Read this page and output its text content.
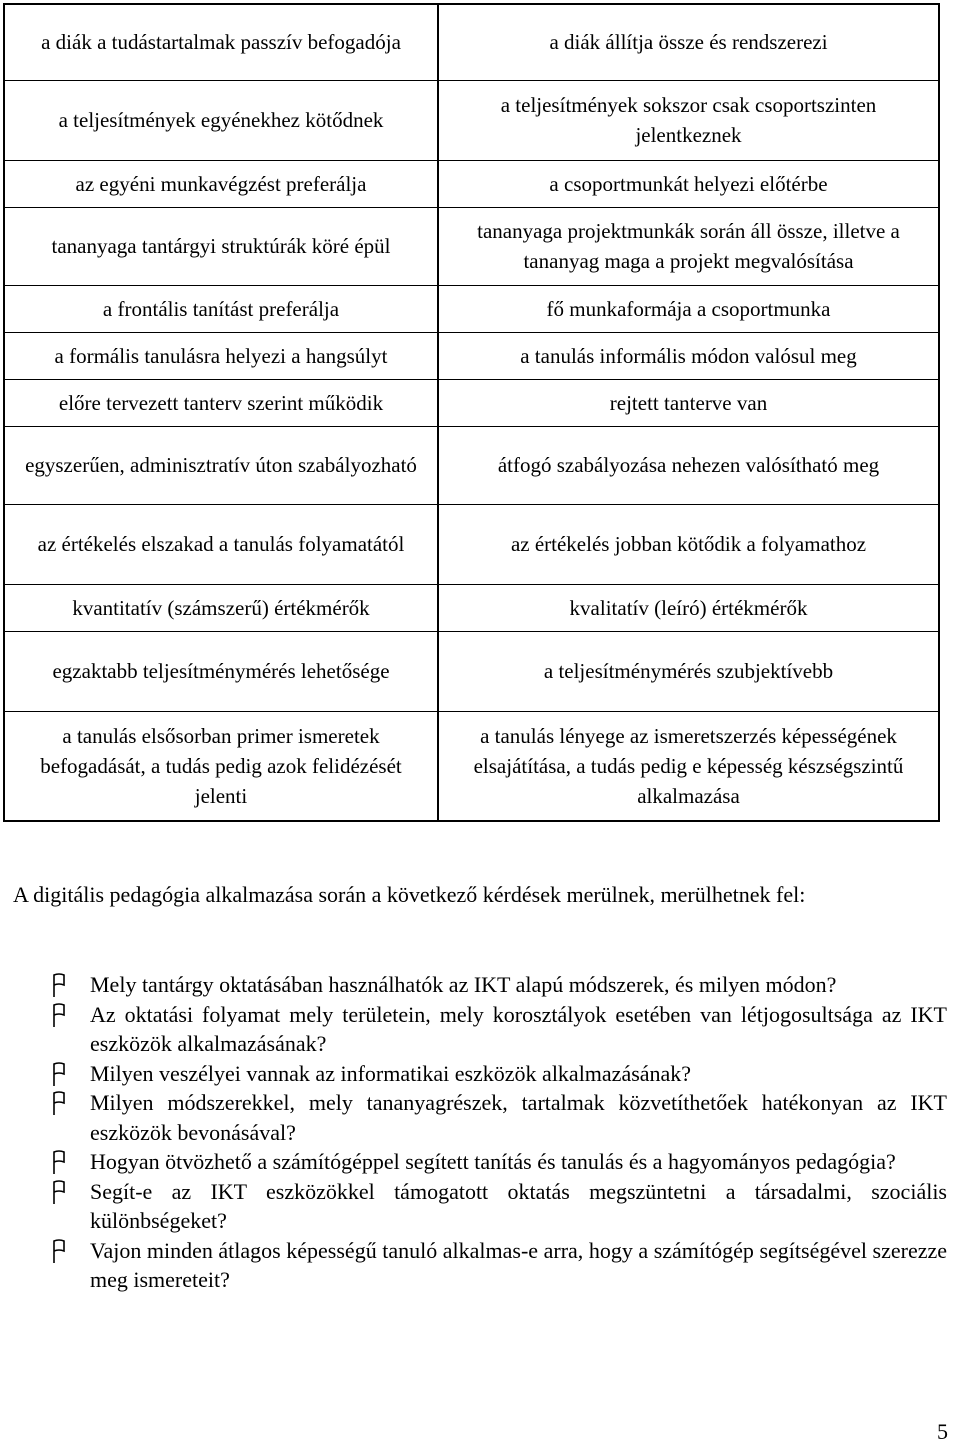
a diák a tudástartalmak passzív befogadója	a diák állítja össze és rendszerezi
a teljesítmények egyénekhez kötődnek	a teljesítmények sokszor csak csoportszinten jelentkeznek
az egyéni munkavégzést preferálja	a csoportmunkát helyezi előtérbe
tananyaga tantárgyi struktúrák köré épül	tananyaga projektmunkák során áll össze, illetve a tananyag maga a projekt megvalósítása
a frontális tanítást preferálja	fő munkaformája a csoportmunka
a formális tanulásra helyezi a hangsúlyt	a tanulás informális módon valósul meg
előre tervezett tanterv szerint működik	rejtett tanterve van
egyszerűen, adminisztratív úton szabályozható	átfogó szabályozása nehezen valósítható meg
az értékelés elszakad a tanulás folyamatától	az értékelés jobban kötődik a folyamathoz
kvantitatív (számszerű) értékmérők	kvalitatív (leíró) értékmérők
egzaktabb teljesítménymérés lehetősége	a teljesítménymérés szubjektívebb
a tanulás elsősorban primer ismeretek befogadását, a tudás pedig azok felidézését jelenti	a tanulás lényege az ismeretszerzés képességének elsajátítása, a tudás pedig e képesség készségszintű alkalmazása

A digitális pedagógia alkalmazása során a következő kérdések merülnek, merülhetnek fel:

Mely tantárgy oktatásában használhatók az IKT alapú módszerek, és milyen módon?
Az oktatási folyamat mely területein, mely korosztályok esetében van létjogosultsága az IKT eszközök alkalmazásának?
Milyen veszélyei vannak az informatikai eszközök alkalmazásának?
Milyen módszerekkel, mely tananyagrészek, tartalmak közvetíthetőek hatékonyan az IKT eszközök bevonásával?
Hogyan ötvözhető a számítógéppel segített tanítás és tanulás és a hagyományos pedagógia?
Segít-e az IKT eszközökkel támogatott oktatás megszüntetni a társadalmi, szociális különbségeket?
Vajon minden átlagos képességű tanuló alkalmas-e arra, hogy a számítógép segítségével szerezze meg ismereteit?
5
